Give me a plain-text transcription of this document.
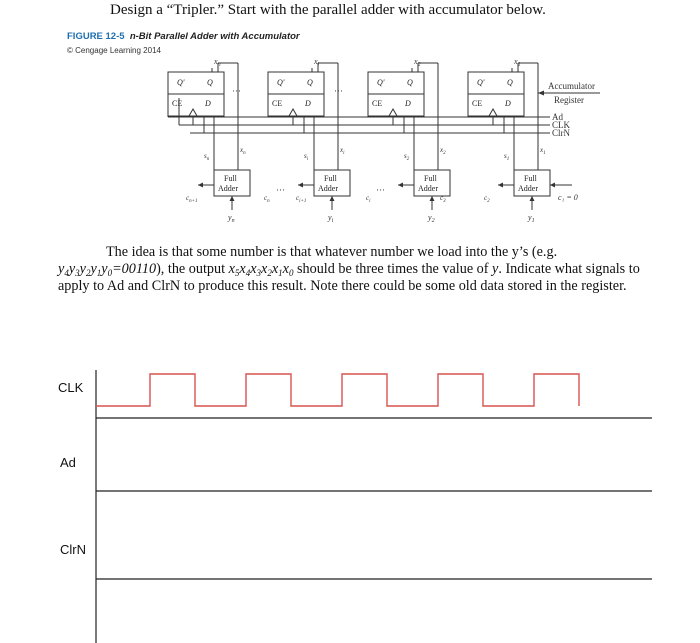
Design a “Tripler.” Start with the parallel adder with accumulator below.
FIGURE 12-5 n-Bit Parallel Adder with Accumulator
© Cengage Learning 2014
Q'	Q
CE	D
$x_n$
$x_n$
$s_n$
Full
Adder
$y_n$
Q'	Q
CE	D
x
$x_i$
$s_i$
Full
Adder
$y_i$
Q'	Q
CE	D
$x_2$
$x_2$
$s_2$
Full
Adder
$y_2$
Q'	Q
CE	D
$x_1$
$x_1$
$s_1$
Full
Adder
$y_1$
Ad
CLK
ClrN
Accumulator
Register
···	···
···	···
c₁ = 0
$c_{n+1}$	$c_n$	$c_{i+1}$	$c_i$	$c_3$	$c_2$

The idea is that some number is that whatever number we load into the y’s (e.g. $y_4y_3y_2y_1y_0=00110$), the output $x_5x_4x_3x_2x_1x_0$ should be three times the value of y. Indicate what signals to apply to Ad and ClrN to produce this result. Note there could be some old data stored in the register.

CLK
Ad
ClrN
